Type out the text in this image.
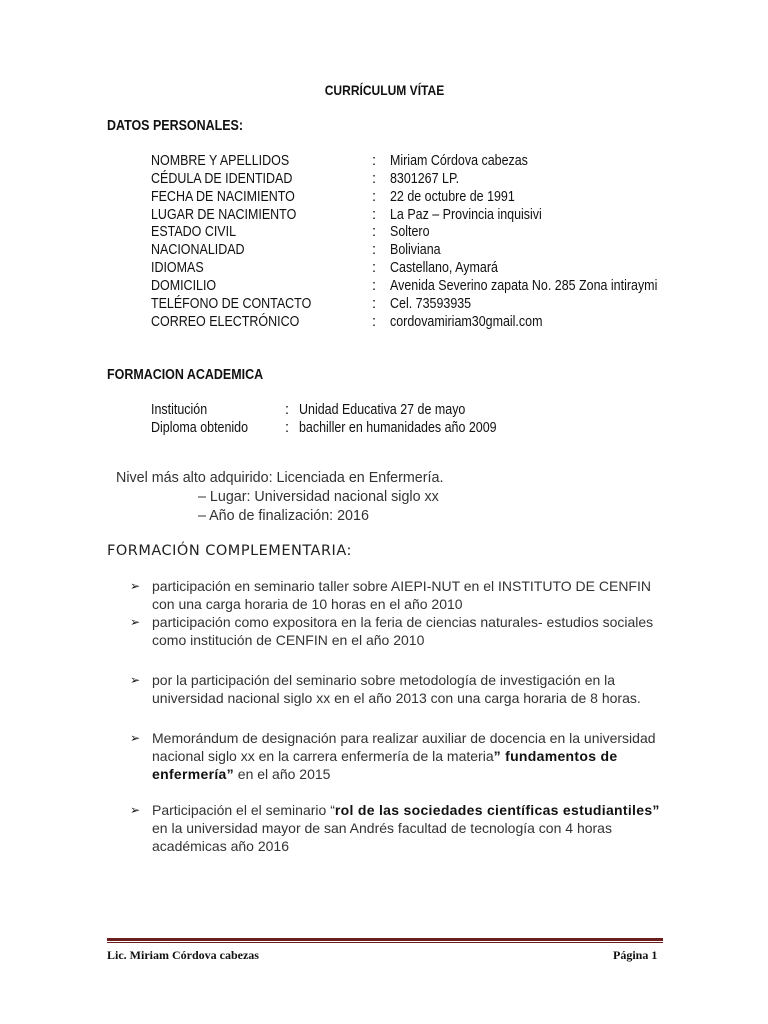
CURRÍCULUM VÍTAE
DATOS PERSONALES:
NOMBRE Y APELLIDOS	: Miriam Córdova cabezas
CÉDULA DE IDENTIDAD	: 8301267 LP.
FECHA DE NACIMIENTO	: 22 de octubre de 1991
LUGAR DE NACIMIENTO	: La Paz – Provincia inquisivi
ESTADO CIVIL	: Soltero
NACIONALIDAD	: Boliviana
IDIOMAS	: Castellano, Aymará
DOMICILIO	: Avenida Severino zapata No. 285 Zona intiraymi
TELÉFONO DE CONTACTO	: Cel. 73593935
CORREO ELECTRÓNICO	: cordovamiriam30gmail.com
FORMACION ACADEMICA
Institución	: Unidad Educativa 27 de mayo
Diploma obtenido	: bachiller en humanidades año 2009
Nivel más alto adquirido: Licenciada en Enfermería.
– Lugar: Universidad nacional siglo xx
– Año de finalización: 2016
FORMACIÓN COMPLEMENTARIA:
➢ participación en seminario taller sobre AIEPI-NUT en el INSTITUTO DE CENFIN con una carga horaria de 10 horas en el año 2010
➢ participación como expositora en la feria de ciencias naturales- estudios sociales como institución de CENFIN en el año 2010
➢ por la participación del seminario sobre metodología de investigación en la universidad nacional siglo xx en el año 2013 con una carga horaria de 8 horas.
➢ Memorándum de designación para realizar auxiliar de docencia en la universidad nacional siglo xx en la carrera enfermería de la materia” fundamentos de enfermería” en el año 2015
➢ Participación el el seminario “rol de las sociedades científicas estudiantiles” en la universidad mayor de san Andrés facultad de tecnología con 4 horas académicas año 2016
Lic. Miriam Córdova cabezas	Página 1
